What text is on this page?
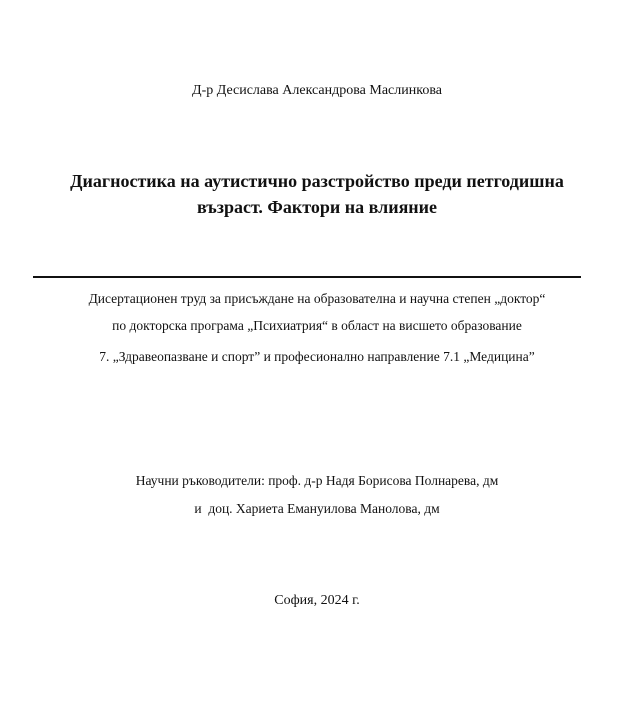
Д-р Десислава Александрова Маслинкова
Диагностика на аутистично разстройство преди петгодишна
възраст. Фактори на влияние
Дисертационен труд за присъждане на образователна и научна степен „доктор“
по докторска програма „Психиатрия“ в област на висшето образование
7. „Здравеопазване и спорт” и професионално направление 7.1 „Медицина”
Научни ръководители: проф. д-р Надя Борисова Полнарева, дм
и  доц. Хариета Емануилова Манолова, дм
София, 2024 г.
